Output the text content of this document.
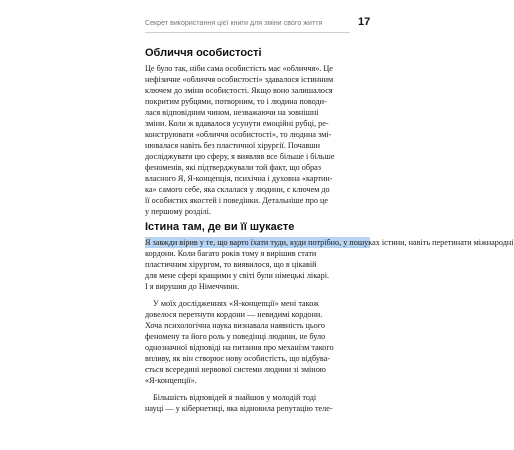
Секрет використання цієї книги для зміни свого життя	17
Обличчя особистості
Це було так, ніби сама особистість має «обличчя». Це
нефізичне «обличчя особистості» здавалося істинним
ключем до зміни особистості. Якщо воно залишалося
покритим рубцями, потворним, то і людина поводи-
лася відповідним чином, незважаючи на зовнішні
зміни. Коли ж вдавалося усунути емоційні рубці, ре-
конструювати «обличчя особистості», то людина змі-
нювалася навіть без пластичної хірургії. Почавши
досліджувати цю сферу, я виявляв все більше і більше
феноменів, які підтверджували той факт, що образ
власного Я, Я-концепція, психічна і духовна «картин-
ка» самого себе, яка склалася у людини, є ключем до
її особистих якостей і поведінки. Детальніше про це
у першому розділі.
Істина там, де ви її шукаєте
Я завжди вірив у те, що варто їхати туди, куди потрібно, у пошуках істини, навіть перетинати міжнародні
кордони. Коли багато років тому я вирішив стати
пластичним хірургом, то виявилося, що в цікавій
для мене сфері кращими у світі були німецькі лікарі.
І я вирушив до Німеччини.
У моїх дослідженнях «Я-концепції» мені також
довелося перетнути кордони — невидимі кордони.
Хоча психологічна наука визнавала наявність цього
феномену та його роль у поведінці людини, не було
однозначної відповіді на питання про механізм такого
впливу, як він створює нову особистість, що відбува-
ється всередині нервової системи людини зі зміною
«Я-концепції».
Більшість відповідей я знайшов у молодій тоді
науці — у кібернетиці, яка відновила репутацію теле-
